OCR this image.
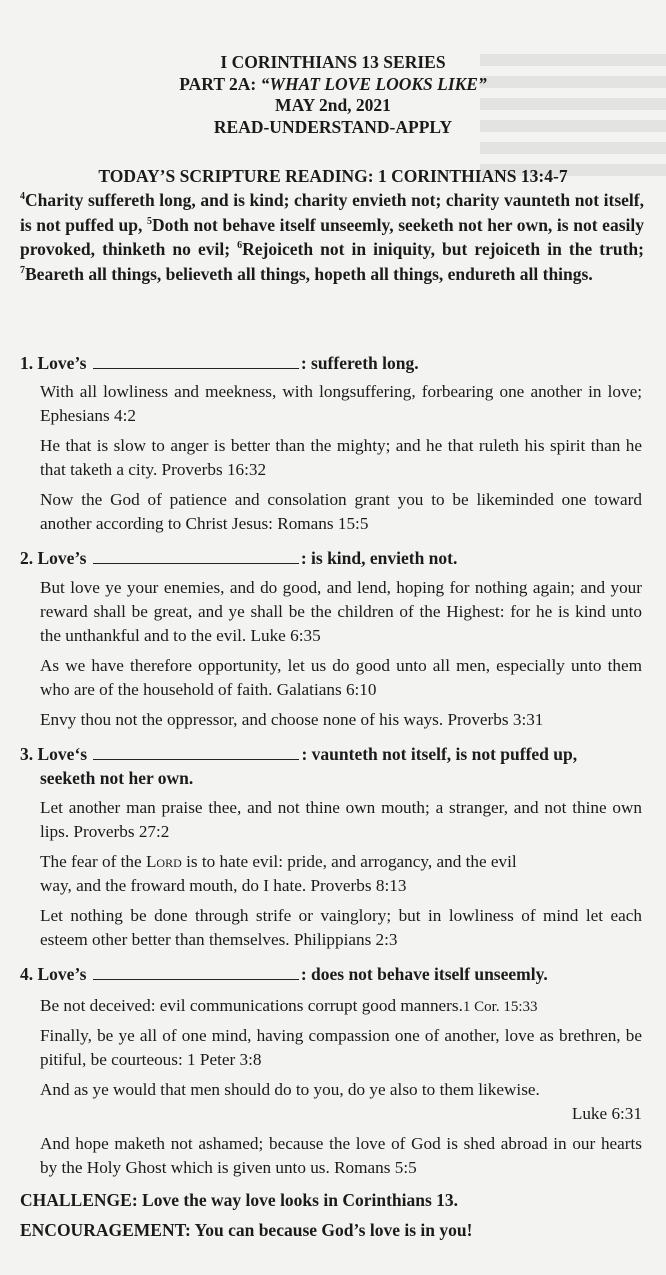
I CORINTHIANS 13 SERIES
PART 2A: “WHAT LOVE LOOKS LIKE”
MAY 2nd, 2021
READ-UNDERSTAND-APPLY
TODAY’S SCRIPTURE READING: 1 CORINTHIANS 13:4-7
$^4$Charity suffereth long, and is kind; charity envieth not; charity vaunteth not itself, is not puffed up, $^5$Doth not behave itself unseemly, seeketh not her own, is not easily provoked, thinketh no evil; $^6$Rejoiceth not in iniquity, but rejoiceth in the truth; $^7$Beareth all things, believeth all things, hopeth all things, endureth all things.
1. Love’s	: suffereth long.
With all lowliness and meekness, with longsuffering, forbearing one another in love; Ephesians 4:2
He that is slow to anger is better than the mighty; and he that ruleth his spirit than he that taketh a city. Proverbs 16:32
Now the God of patience and consolation grant you to be likeminded one toward another according to Christ Jesus: Romans 15:5
2. Love’s	: is kind, envieth not.
But love ye your enemies, and do good, and lend, hoping for nothing again; and your reward shall be great, and ye shall be the children of the Highest: for he is kind unto the unthankful and to the evil. Luke 6:35
As we have therefore opportunity, let us do good unto all men, especially unto them who are of the household of faith. Galatians 6:10
Envy thou not the oppressor, and choose none of his ways. Proverbs 3:31
3. Love‘s	: vaunteth not itself, is not puffed up,
seeketh not her own.
Let another man praise thee, and not thine own mouth; a stranger, and not thine own lips. Proverbs 27:2
The fear of the Lord is to hate evil: pride, and arrogancy, and the evil
way, and the froward mouth, do I hate. Proverbs 8:13
Let nothing be done through strife or vainglory; but in lowliness of mind let each esteem other better than themselves. Philippians 2:3
4. Love’s	: does not behave itself unseemly.
Be not deceived: evil communications corrupt good manners.1 Cor. 15:33
Finally, be ye all of one mind, having compassion one of another, love as brethren, be pitiful, be courteous: 1 Peter 3:8
And as ye would that men should do to you, do ye also to them likewise.
Luke 6:31
And hope maketh not ashamed; because the love of God is shed abroad in our hearts by the Holy Ghost which is given unto us. Romans 5:5
CHALLENGE: Love the way love looks in Corinthians 13.
ENCOURAGEMENT: You can because God’s love is in you!
